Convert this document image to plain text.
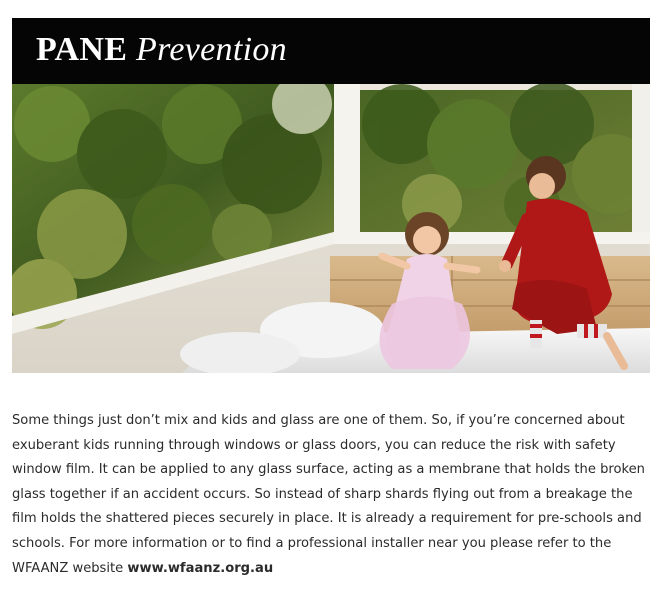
PANE Prevention

Some things just don’t mix and kids and glass are one of them. So, if you’re concerned about exuberant kids running through windows or glass doors, you can reduce the risk with safety window film. It can be applied to any glass surface, acting as a membrane that holds the broken glass together if an accident occurs. So instead of sharp shards flying out from a breakage the film holds the shattered pieces securely in place. It is already a requirement for pre-schools and schools. For more information or to find a professional installer near you please refer to the WFAANZ website www.wfaanz.org.au
